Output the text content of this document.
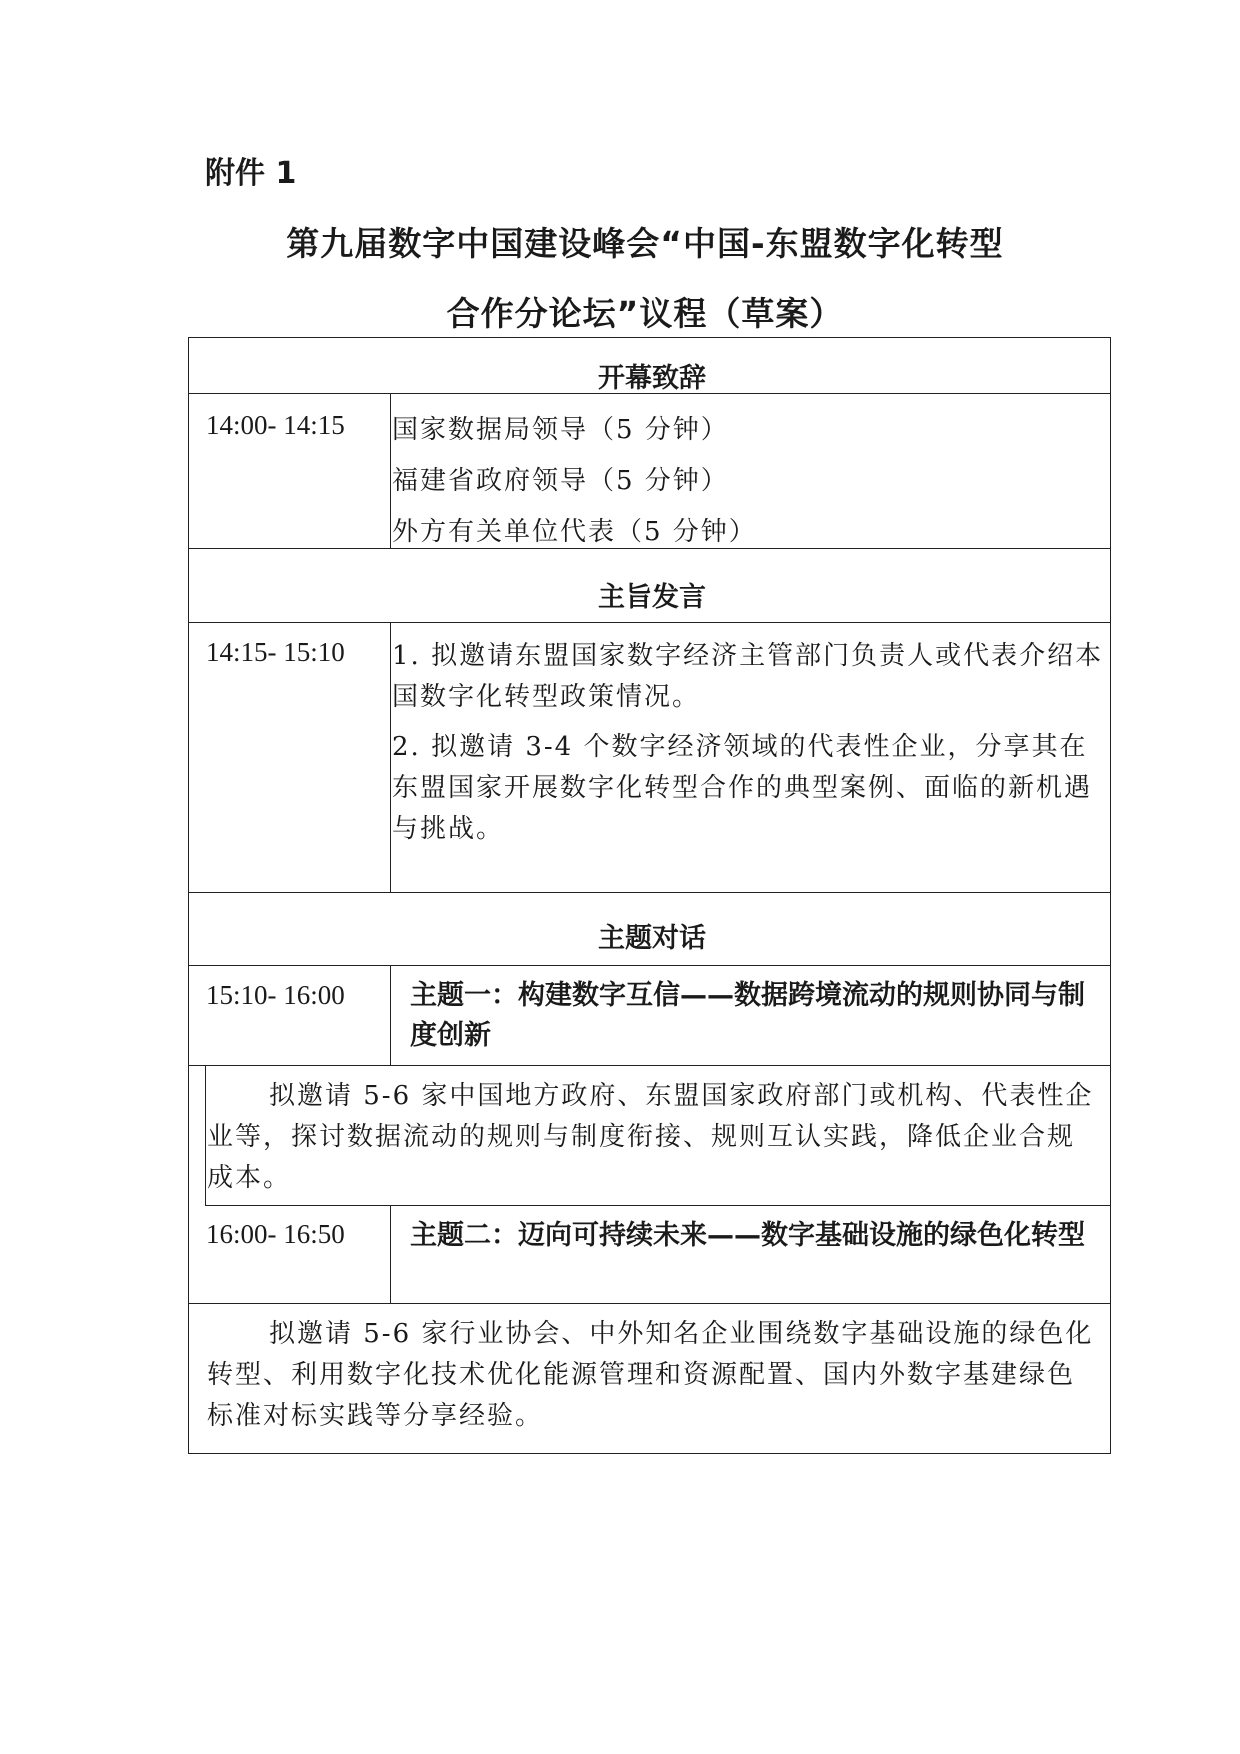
附件 1
第九届数字中国建设峰会“中国-东盟数字化转型
合作分论坛”议程（草案）
开幕致辞
14:00- 14:15 国家数据局领导（5 分钟）
福建省政府领导（5 分钟）
外方有关单位代表（5 分钟）
主旨发言
14:15- 15:10 1. 拟邀请东盟国家数字经济主管部门负责人或代表介绍本国数字化转型政策情况。
2. 拟邀请 3-4 个数字经济领域的代表性企业，分享其在东盟国家开展数字化转型合作的典型案例、面临的新机遇与挑战。
主题对话
15:10- 16:00 主题一：构建数字互信——数据跨境流动的规则协同与制度创新
拟邀请 5-6 家中国地方政府、东盟国家政府部门或机构、代表性企业等，探讨数据流动的规则与制度衔接、规则互认实践，降低企业合规成本。
16:00- 16:50 主题二：迈向可持续未来——数字基础设施的绿色化转型
拟邀请 5-6 家行业协会、中外知名企业围绕数字基础设施的绿色化转型、利用数字化技术优化能源管理和资源配置、国内外数字基建绿色标准对标实践等分享经验。
